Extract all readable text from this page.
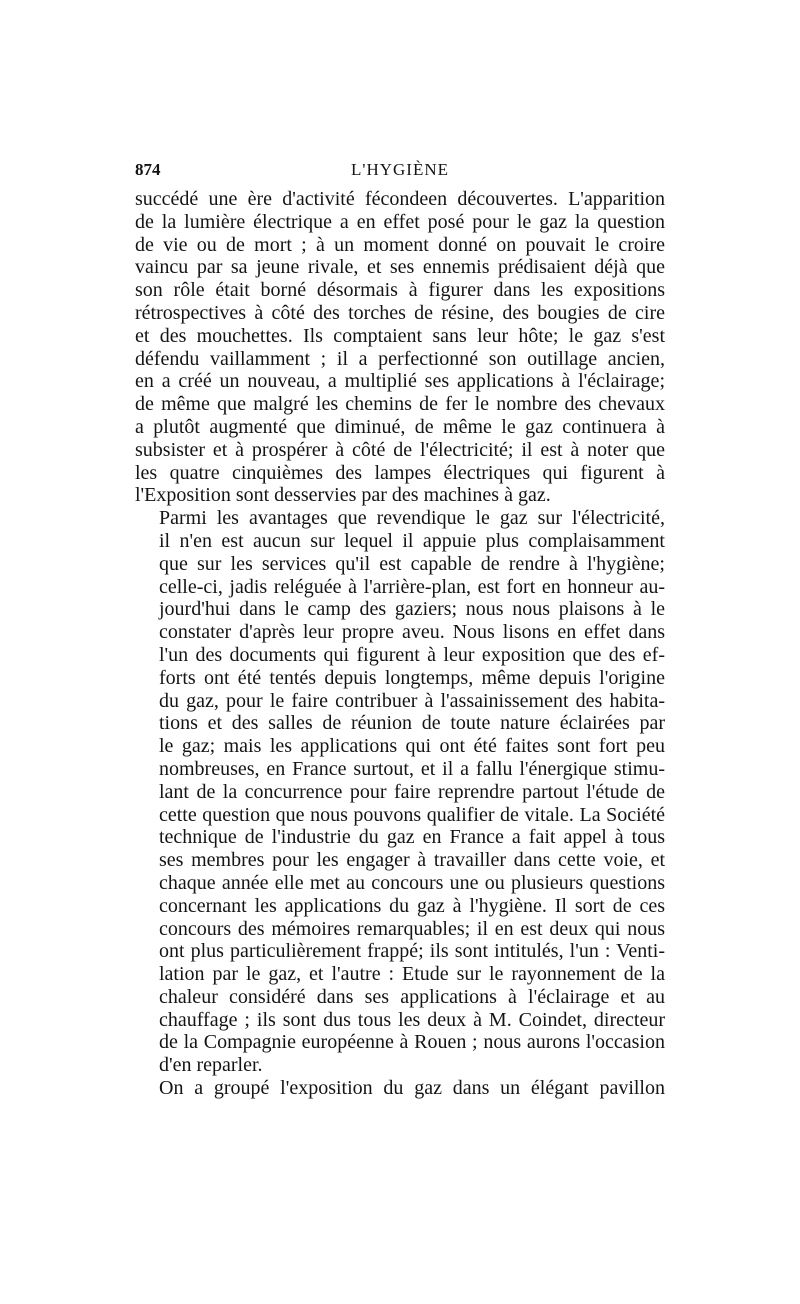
874	L'HYGIÈNE
succédé une ère d'activité fécondeen découvertes. L'apparition
de la lumière électrique a en effet posé pour le gaz la question
de vie ou de mort ; à un moment donné on pouvait le croire
vaincu par sa jeune rivale, et ses ennemis prédisaient déjà que
son rôle était borné désormais à figurer dans les expositions
rétrospectives à côté des torches de résine, des bougies de cire
et des mouchettes. Ils comptaient sans leur hôte; le gaz s'est
défendu vaillamment ; il a perfectionné son outillage ancien,
en a créé un nouveau, a multiplié ses applications à l'éclairage;
de même que malgré les chemins de fer le nombre des chevaux
a plutôt augmenté que diminué, de même le gaz continuera à
subsister et à prospérer à côté de l'électricité; il est à noter que
les quatre cinquièmes des lampes électriques qui figurent à
l'Exposition sont desservies par des machines à gaz.
Parmi les avantages que revendique le gaz sur l'électricité,
il n'en est aucun sur lequel il appuie plus complaisamment
que sur les services qu'il est capable de rendre à l'hygiène;
celle-ci, jadis reléguée à l'arrière-plan, est fort en honneur au-
jourd'hui dans le camp des gaziers; nous nous plaisons à le
constater d'après leur propre aveu. Nous lisons en effet dans
l'un des documents qui figurent à leur exposition que des ef-
forts ont été tentés depuis longtemps, même depuis l'origine
du gaz, pour le faire contribuer à l'assainissement des habita-
tions et des salles de réunion de toute nature éclairées par
le gaz; mais les applications qui ont été faites sont fort peu
nombreuses, en France surtout, et il a fallu l'énergique stimu-
lant de la concurrence pour faire reprendre partout l'étude de
cette question que nous pouvons qualifier de vitale. La Société
technique de l'industrie du gaz en France a fait appel à tous
ses membres pour les engager à travailler dans cette voie, et
chaque année elle met au concours une ou plusieurs questions
concernant les applications du gaz à l'hygiène. Il sort de ces
concours des mémoires remarquables; il en est deux qui nous
ont plus particulièrement frappé; ils sont intitulés, l'un : Venti-
lation par le gaz, et l'autre : Etude sur le rayonnement de la
chaleur considéré dans ses applications à l'éclairage et au
chauffage ; ils sont dus tous les deux à M. Coindet, directeur
de la Compagnie européenne à Rouen ; nous aurons l'occasion
d'en reparler.
On a groupé l'exposition du gaz dans un élégant pavillon
